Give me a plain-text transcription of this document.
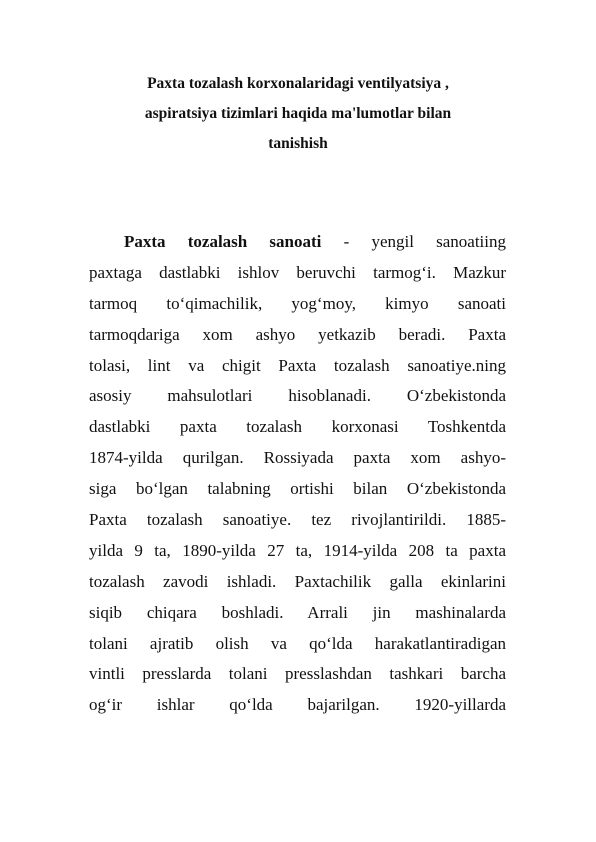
Paxta tozalash korxonalaridagi ventilyatsiya ,
aspiratsiya tizimlari haqida ma'lumotlar bilan
tanishish
Paxta tozalash sanoati - yengil sanoatiing
paxtaga dastlabki ishlov beruvchi tarmog‘i. Mazkur
tarmoq to‘qimachilik, yog‘moy, kimyo sanoati
tarmoqdariga xom ashyo yetkazib beradi. Paxta
tolasi, lint va chigit Paxta tozalash sanoatiye.ning
asosiy mahsulotlari hisoblanadi. O‘zbekistonda
dastlabki paxta tozalash korxonasi Toshkentda
1874-yilda qurilgan. Rossiyada paxta xom ashyo-
siga bo‘lgan talabning ortishi bilan O‘zbekistonda
Paxta tozalash sanoatiye. tez rivojlantirildi. 1885-
yilda 9 ta, 1890-yilda 27 ta, 1914-yilda 208 ta paxta
tozalash zavodi ishladi. Paxtachilik galla ekinlarini
siqib chiqara boshladi. Arrali jin mashinalarda
tolani ajratib olish va qo‘lda harakatlantiradigan
vintli presslarda tolani presslashdan tashkari barcha
og‘ir ishlar qo‘lda bajarilgan. 1920-yillarda
